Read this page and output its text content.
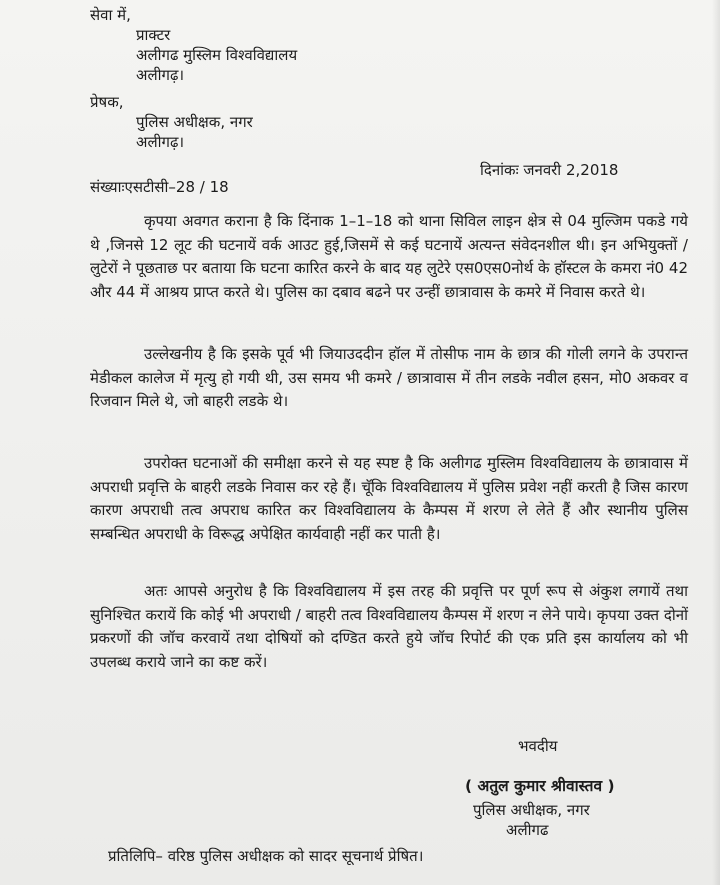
सेवा में,
प्राक्टर
अलीगढ मुस्लिम विश्वविद्यालय
अलीगढ़।
प्रेषक,
पुलिस अधीक्षक, नगर
अलीगढ़।
दिनांकः जनवरी 2,2018
संख्याःएसटीसी–28 / 18
कृपया अवगत कराना है कि दिंनाक 1–1–18 को थाना सिविल लाइन क्षेत्र से 04 मुल्जिम पकडे गये थे ,जिनसे 12 लूट की घटनायें वर्क आउट हुई,जिसमें से कई घटनायें अत्यन्त संवेदनशील थी। इन अभियुक्तों / लुटेरों ने पूछताछ पर बताया कि घटना कारित करने के बाद यह लुटेरे एस0एस0नोर्थ के हॉस्टल के कमरा नं0 42 और 44 में आश्रय प्राप्त करते थे। पुलिस का दबाव बढने पर उन्हीं छात्रावास के कमरे में निवास करते थे।
उल्लेखनीय है कि इसके पूर्व भी जियाउददीन हॉल में तोसीफ नाम के छात्र की गोली लगने के उपरान्त मेडीकल कालेज में मृत्यु हो गयी थी, उस समय भी कमरे / छात्रावास में तीन लडके नवील हसन, मो0 अकवर व रिजवान मिले थे, जो बाहरी लडके थे।
उपरोक्त घटनाओं की समीक्षा करने से यह स्पष्ट है कि अलीगढ मुस्लिम विश्वविद्यालय के छात्रावास में अपराधी प्रवृत्ति के बाहरी लडके निवास कर रहे हैं। चूॅकि विश्वविद्यालय में पुलिस प्रवेश नहीं करती है जिस कारण कारण अपराधी तत्व अपराध कारित कर विश्वविद्यालय के कैम्पस में शरण ले लेते हैं और स्थानीय पुलिस सम्बन्धित अपराधी के विरूद्ध अपेक्षित कार्यवाही नहीं कर पाती है।
अतः आपसे अनुरोध है कि विश्वविद्यालय में इस तरह की प्रवृत्ति पर पूर्ण रूप से अंकुश लगायें तथा सुनिश्चित करायें कि कोई भी अपराधी / बाहरी तत्व विश्वविद्यालय कैम्पस में शरण न लेने पाये। कृपया उक्त दोनों प्रकरणों की जॉच करवायें तथा दोषियों को दण्डित करते हुये जॉच रिपोर्ट की एक प्रति इस कार्यालय को भी उपलब्ध कराये जाने का कष्ट करें।
भवदीय
( अतुल कुमार श्रीवास्तव )
पुलिस अधीक्षक, नगर
अलीगढ
प्रतिलिपि– वरिष्ठ पुलिस अधीक्षक को सादर सूचनार्थ प्रेषित।
